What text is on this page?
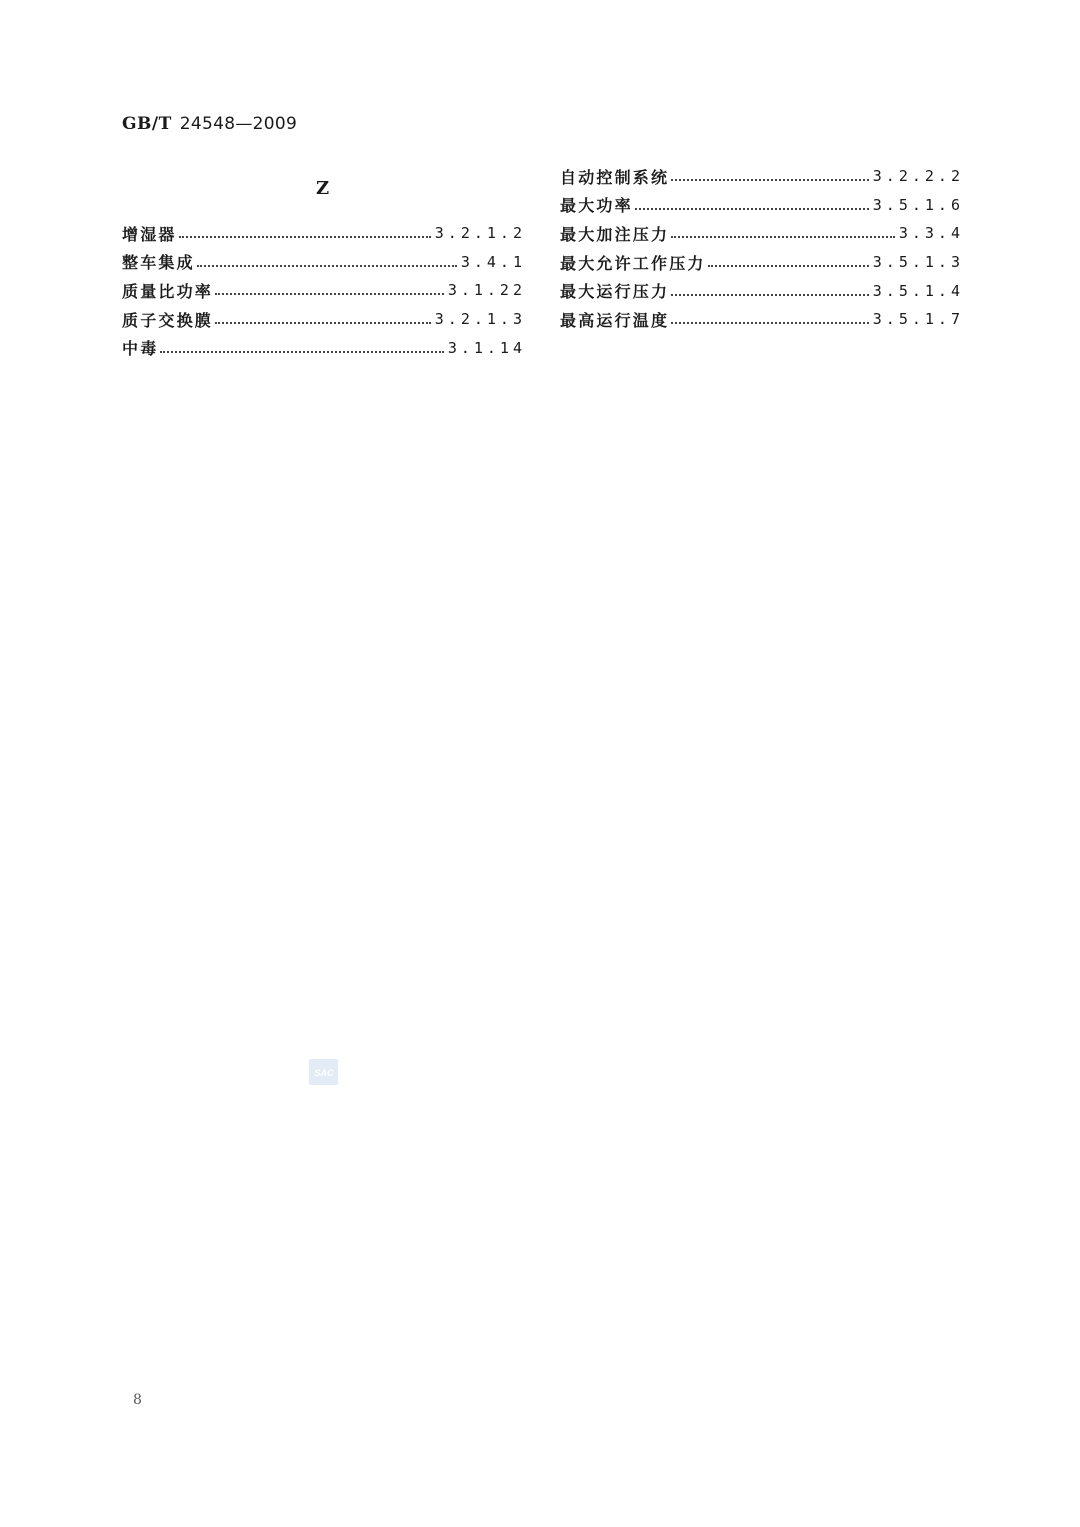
GB/T 24548—2009
Z
增湿器	3.2.1.2
整车集成	3.4.1
质量比功率	3.1.22
质子交换膜	3.2.1.3
中毒	3.1.14
自动控制系统	3.2.2.2
最大功率	3.5.1.6
最大加注压力	3.3.4
最大允许工作压力	3.5.1.3
最大运行压力	3.5.1.4
最高运行温度	3.5.1.7
SAC
8
